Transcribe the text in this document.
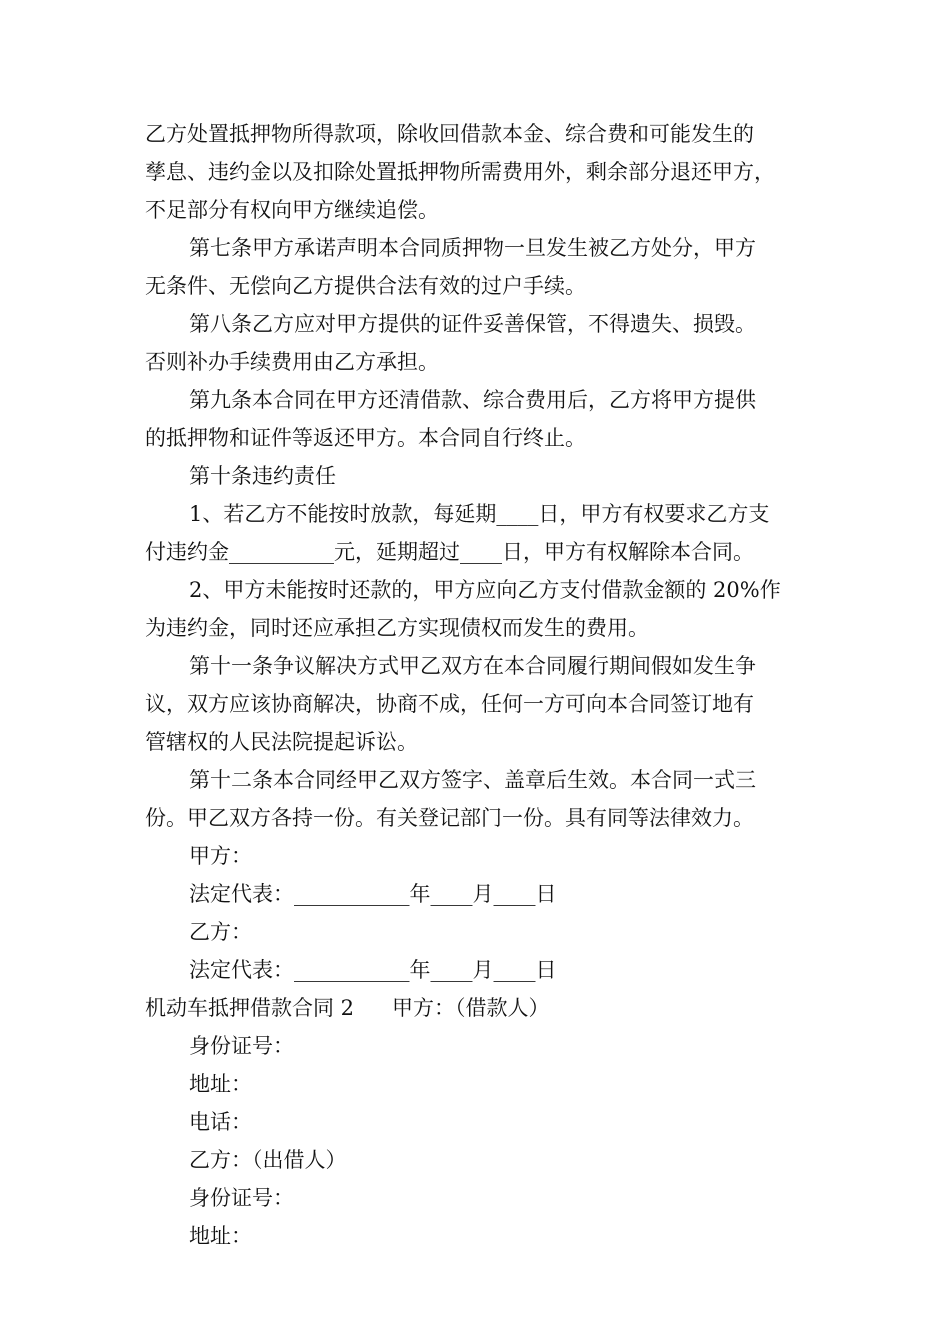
乙方处置抵押物所得款项，除收回借款本金、综合费和可能发生的
孳息、违约金以及扣除处置抵押物所需费用外，剩余部分退还甲方，
不足部分有权向甲方继续追偿。
第七条甲方承诺声明本合同质押物一旦发生被乙方处分，甲方
无条件、无偿向乙方提供合法有效的过户手续。
第八条乙方应对甲方提供的证件妥善保管，不得遗失、损毁。
否则补办手续费用由乙方承担。
第九条本合同在甲方还清借款、综合费用后，乙方将甲方提供
的抵押物和证件等返还甲方。本合同自行终止。
第十条违约责任
1、若乙方不能按时放款，每延期____日，甲方有权要求乙方支
付违约金__________元，延期超过____日，甲方有权解除本合同。
2、甲方未能按时还款的，甲方应向乙方支付借款金额的 20%作
为违约金，同时还应承担乙方实现债权而发生的费用。
第十一条争议解决方式甲乙双方在本合同履行期间假如发生争
议，双方应该协商解决，协商不成，任何一方可向本合同签订地有
管辖权的人民法院提起诉讼。
第十二条本合同经甲乙双方签字、盖章后生效。本合同一式三
份。甲乙双方各持一份。有关登记部门一份。具有同等法律效力。
甲方：
法定代表：___________年____月____日
乙方：
法定代表：___________年____月____日
机动车抵押借款合同 2 甲方：（借款人）
身份证号：
地址：
电话：
乙方：（出借人）
身份证号：
地址：
